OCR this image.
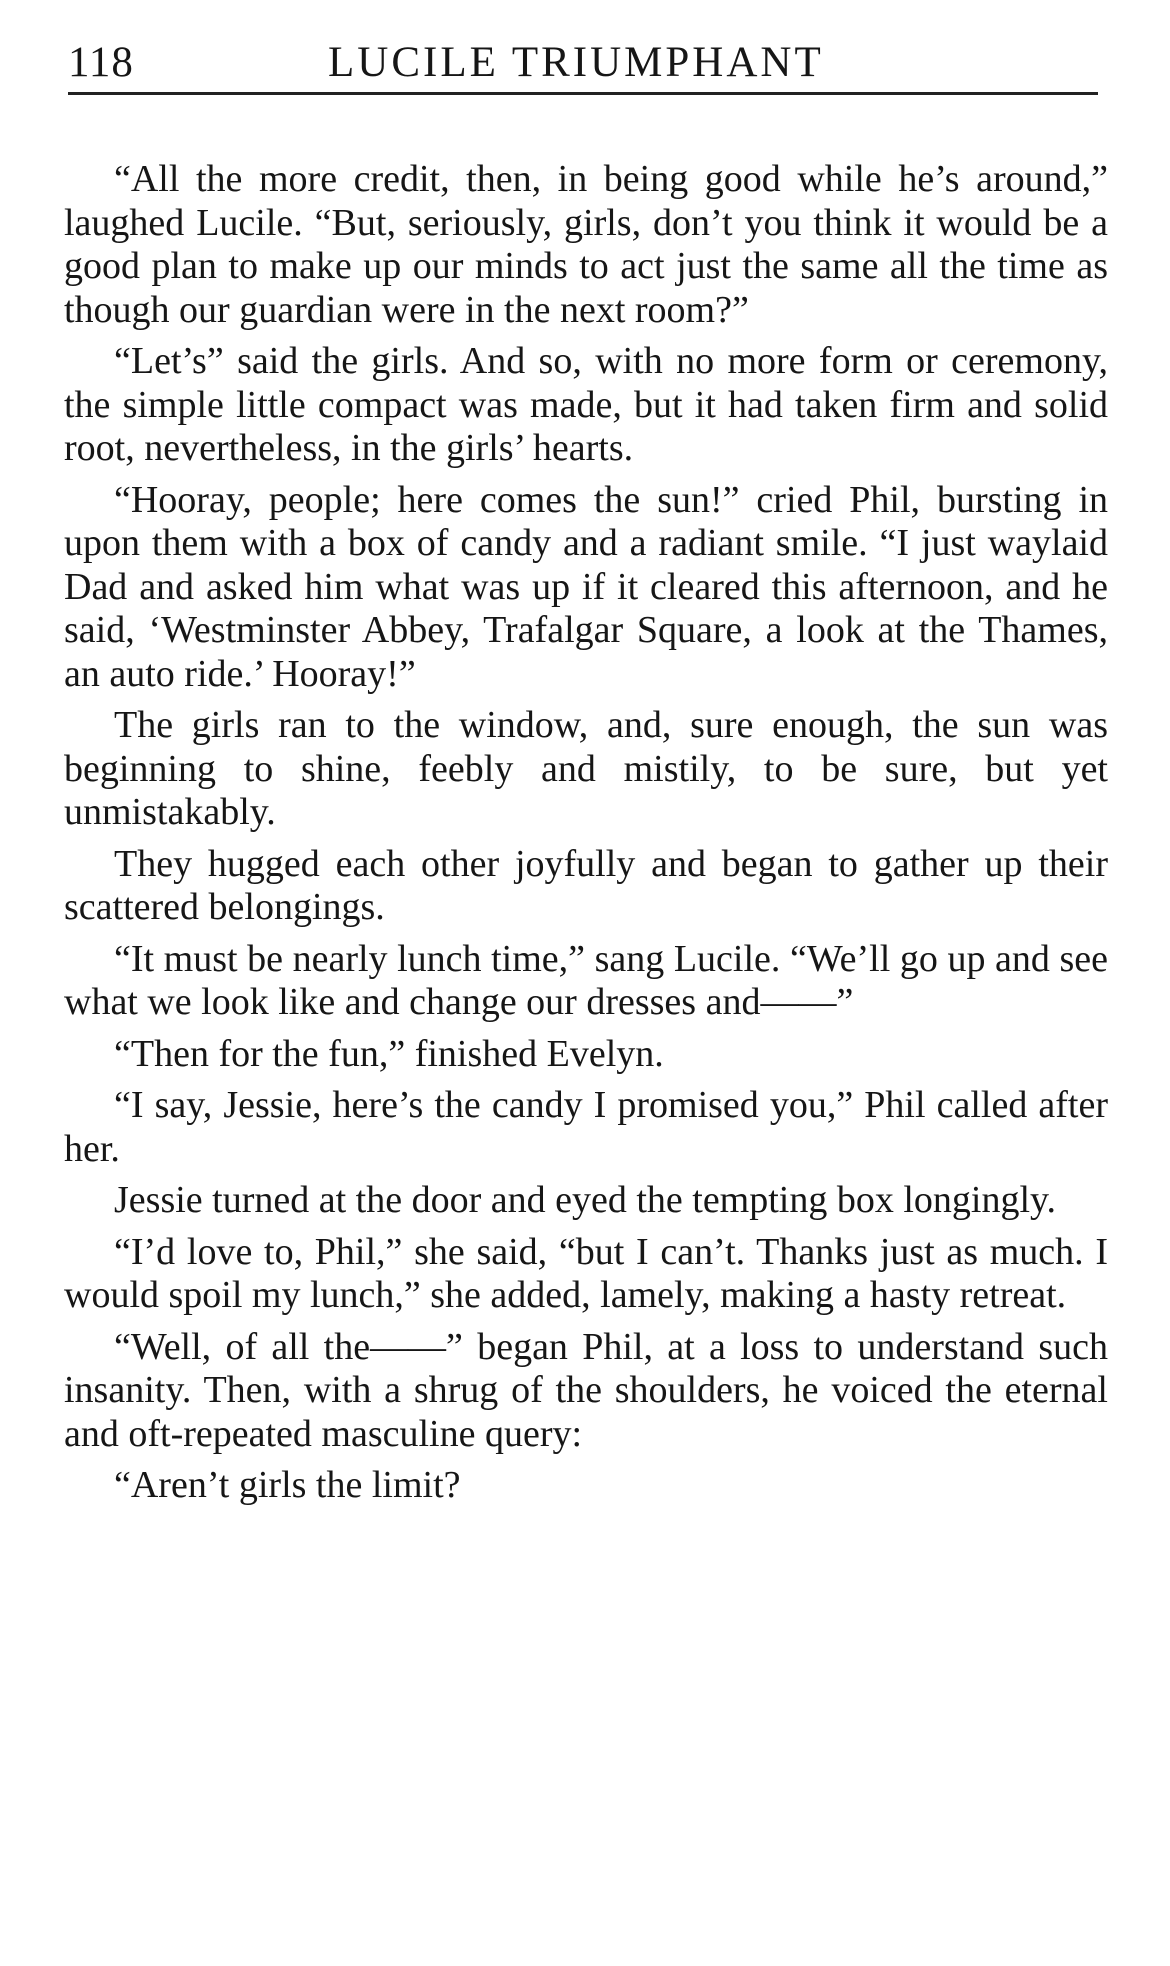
118	LUCILE TRIUMPHANT

“All the more credit, then, in being good while he’s around,” laughed Lucile. “But, seriously, girls, don’t you think it would be a good plan to make up our minds to act just the same all the time as though our guardian were in the next room?”

“Let’s” said the girls. And so, with no more form or ceremony, the simple little compact was made, but it had taken firm and solid root, nevertheless, in the girls’ hearts.

“Hooray, people; here comes the sun!” cried Phil, bursting in upon them with a box of candy and a radiant smile. “I just waylaid Dad and asked him what was up if it cleared this afternoon, and he said, ‘Westminster Abbey, Trafalgar Square, a look at the Thames, an auto ride.’ Hooray!”

The girls ran to the window, and, sure enough, the sun was beginning to shine, feebly and mistily, to be sure, but yet unmistakably.

They hugged each other joyfully and began to gather up their scattered belongings.

“It must be nearly lunch time,” sang Lucile. “We’ll go up and see what we look like and change our dresses and——”

“Then for the fun,” finished Evelyn.

“I say, Jessie, here’s the candy I promised you,” Phil called after her.

Jessie turned at the door and eyed the tempting box longingly.

“I’d love to, Phil,” she said, “but I can’t. Thanks just as much. I would spoil my lunch,” she added, lamely, making a hasty retreat.

“Well, of all the——” began Phil, at a loss to understand such insanity. Then, with a shrug of the shoulders, he voiced the eternal and oft-repeated masculine query:

“Aren’t girls the limit?
